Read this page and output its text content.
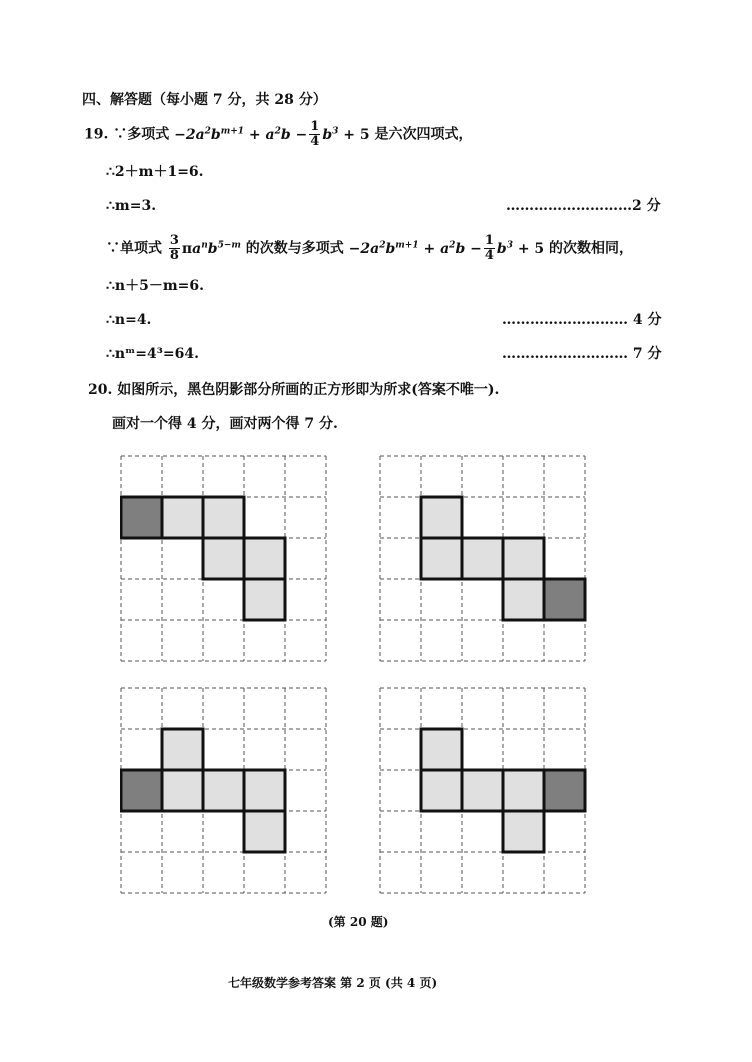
四、解答题（每小题 7 分，共 28 分）
19. ∵多项式 $-2a^2b^{m+1} + a^2b - \frac{1}{4} b^3 + 5$ 是六次四项式，
∴2＋m＋1=6.
∴m=3.	………………………2 分
∵单项式 $\frac{3}{8} \pi a^nb^{5-m}$ 的次数与多项式 $-2a^2b^{m+1} + a^2b - \frac{1}{4} b^3 + 5$ 的次数相同，
∴n＋5－m=6.
∴n=4.	……………………… 4 分
∴nᵐ=4³=64.	……………………… 7 分
20. 如图所示，黑色阴影部分所画的正方形即为所求(答案不唯一).
画对一个得 4 分，画对两个得 7 分.
(第 20 题)
七年级数学参考答案 第 2 页 (共 4 页)
